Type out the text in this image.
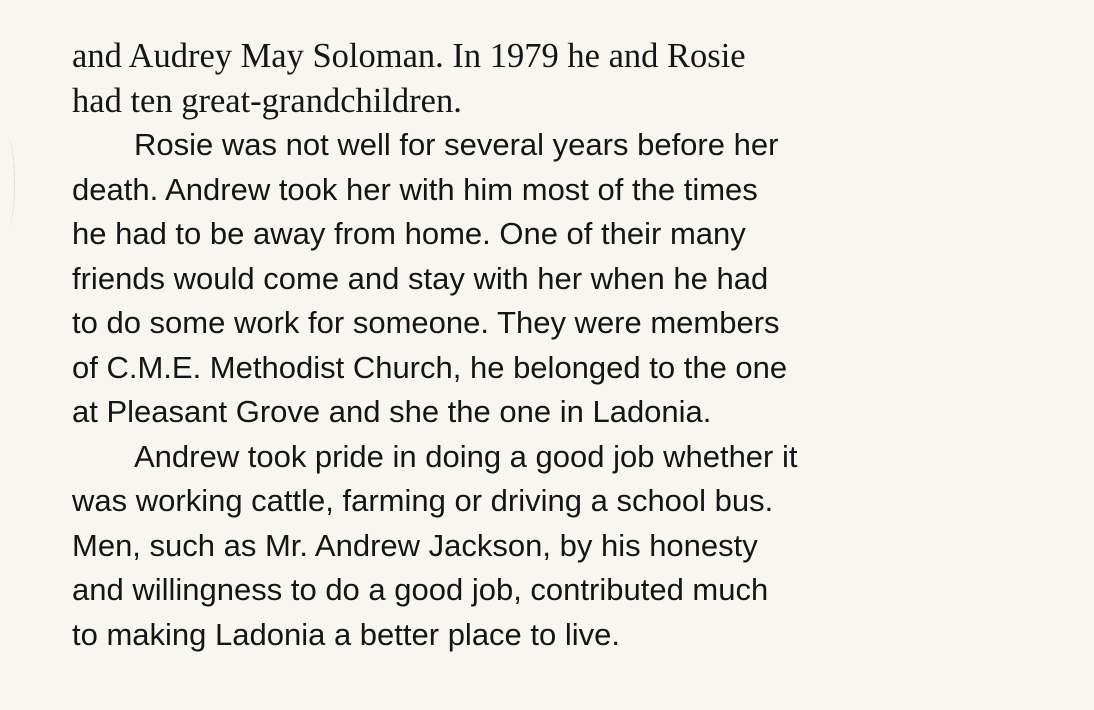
and Audrey May Soloman. In 1979 he and Rosie
had ten great-grandchildren.
Rosie was not well for several years before her
death. Andrew took her with him most of the times
he had to be away from home. One of their many
friends would come and stay with her when he had
to do some work for someone. They were members
of C.M.E. Methodist Church, he belonged to the one
at Pleasant Grove and she the one in Ladonia.
Andrew took pride in doing a good job whether it
was working cattle, farming or driving a school bus.
Men, such as Mr. Andrew Jackson, by his honesty
and willingness to do a good job, contributed much
to making Ladonia a better place to live.
